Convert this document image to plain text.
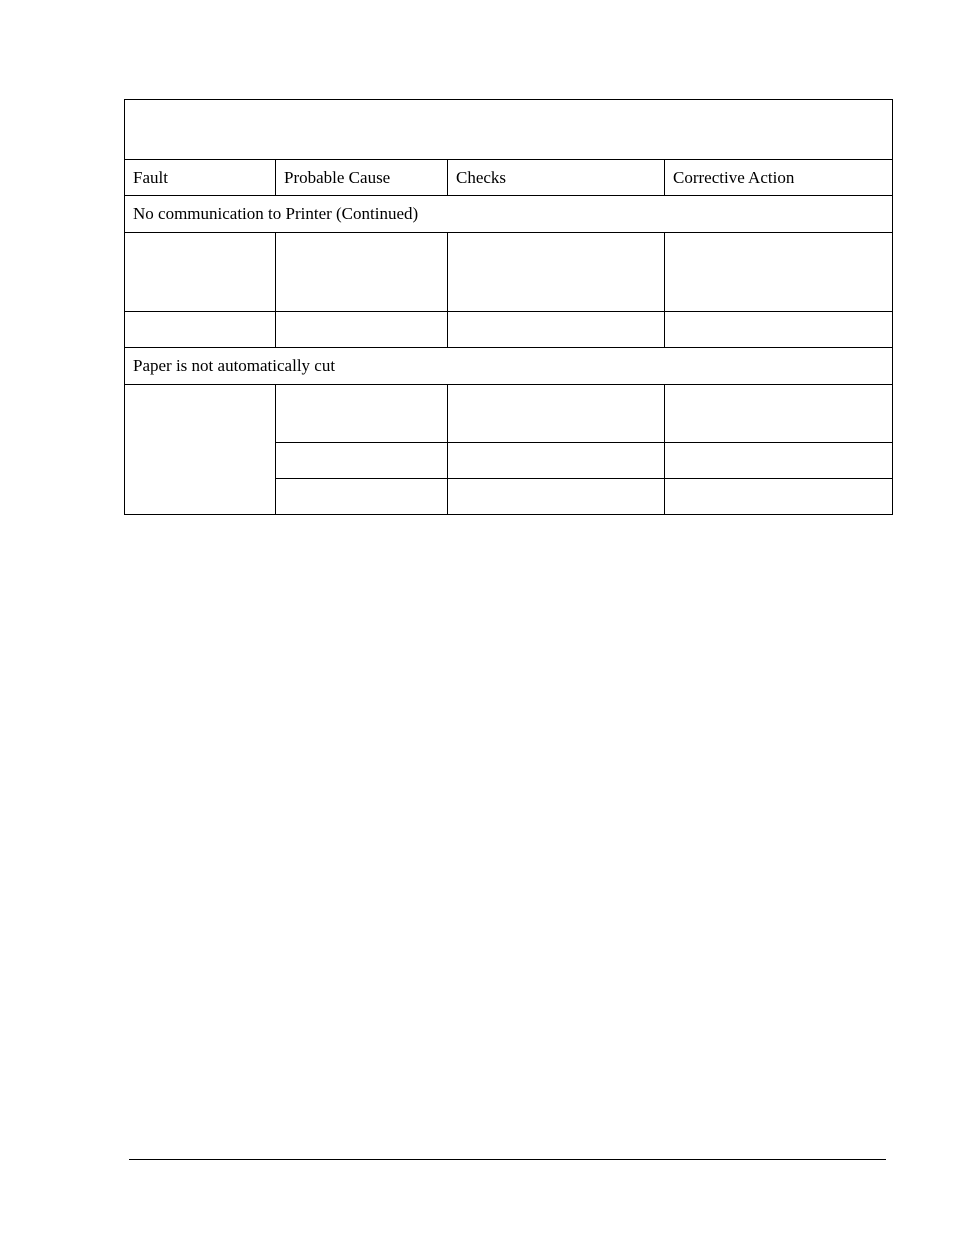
Fault	Probable Cause	Checks	Corrective Action
No communication to Printer (Continued)			

Paper is not automatically cut			
